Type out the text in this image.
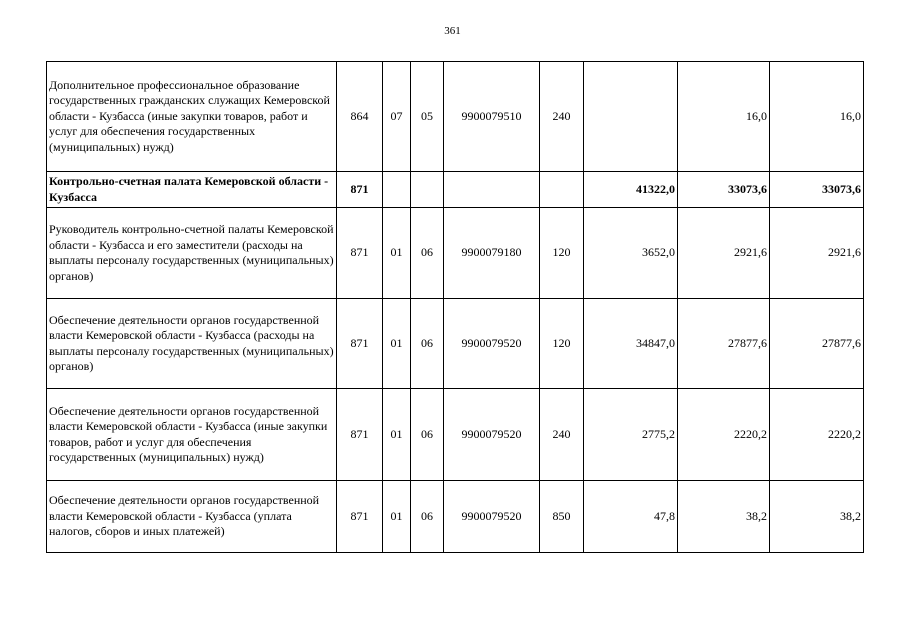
361
Дополнительное профессиональное образование государственных гражданских служащих Кемеровской области - Кузбасса (иные закупки товаров, работ и услуг для обеспечения государственных (муниципальных) нужд)	864	07	05	9900079510	240		16,0	16,0
Контрольно-счетная палата Кемеровской области - Кузбасса	871					41322,0	33073,6	33073,6
Руководитель контрольно-счетной палаты Кемеровской области - Кузбасса и его заместители (расходы на выплаты персоналу государственных (муниципальных) органов)	871	01	06	9900079180	120	3652,0	2921,6	2921,6
Обеспечение деятельности органов государственной власти Кемеровской области - Кузбасса (расходы на выплаты персоналу государственных (муниципальных) органов)	871	01	06	9900079520	120	34847,0	27877,6	27877,6
Обеспечение деятельности органов государственной власти Кемеровской области - Кузбасса (иные закупки товаров, работ и услуг для обеспечения государственных (муниципальных) нужд)	871	01	06	9900079520	240	2775,2	2220,2	2220,2
Обеспечение деятельности органов государственной власти Кемеровской области - Кузбасса (уплата налогов, сборов и иных платежей)	871	01	06	9900079520	850	47,8	38,2	38,2
